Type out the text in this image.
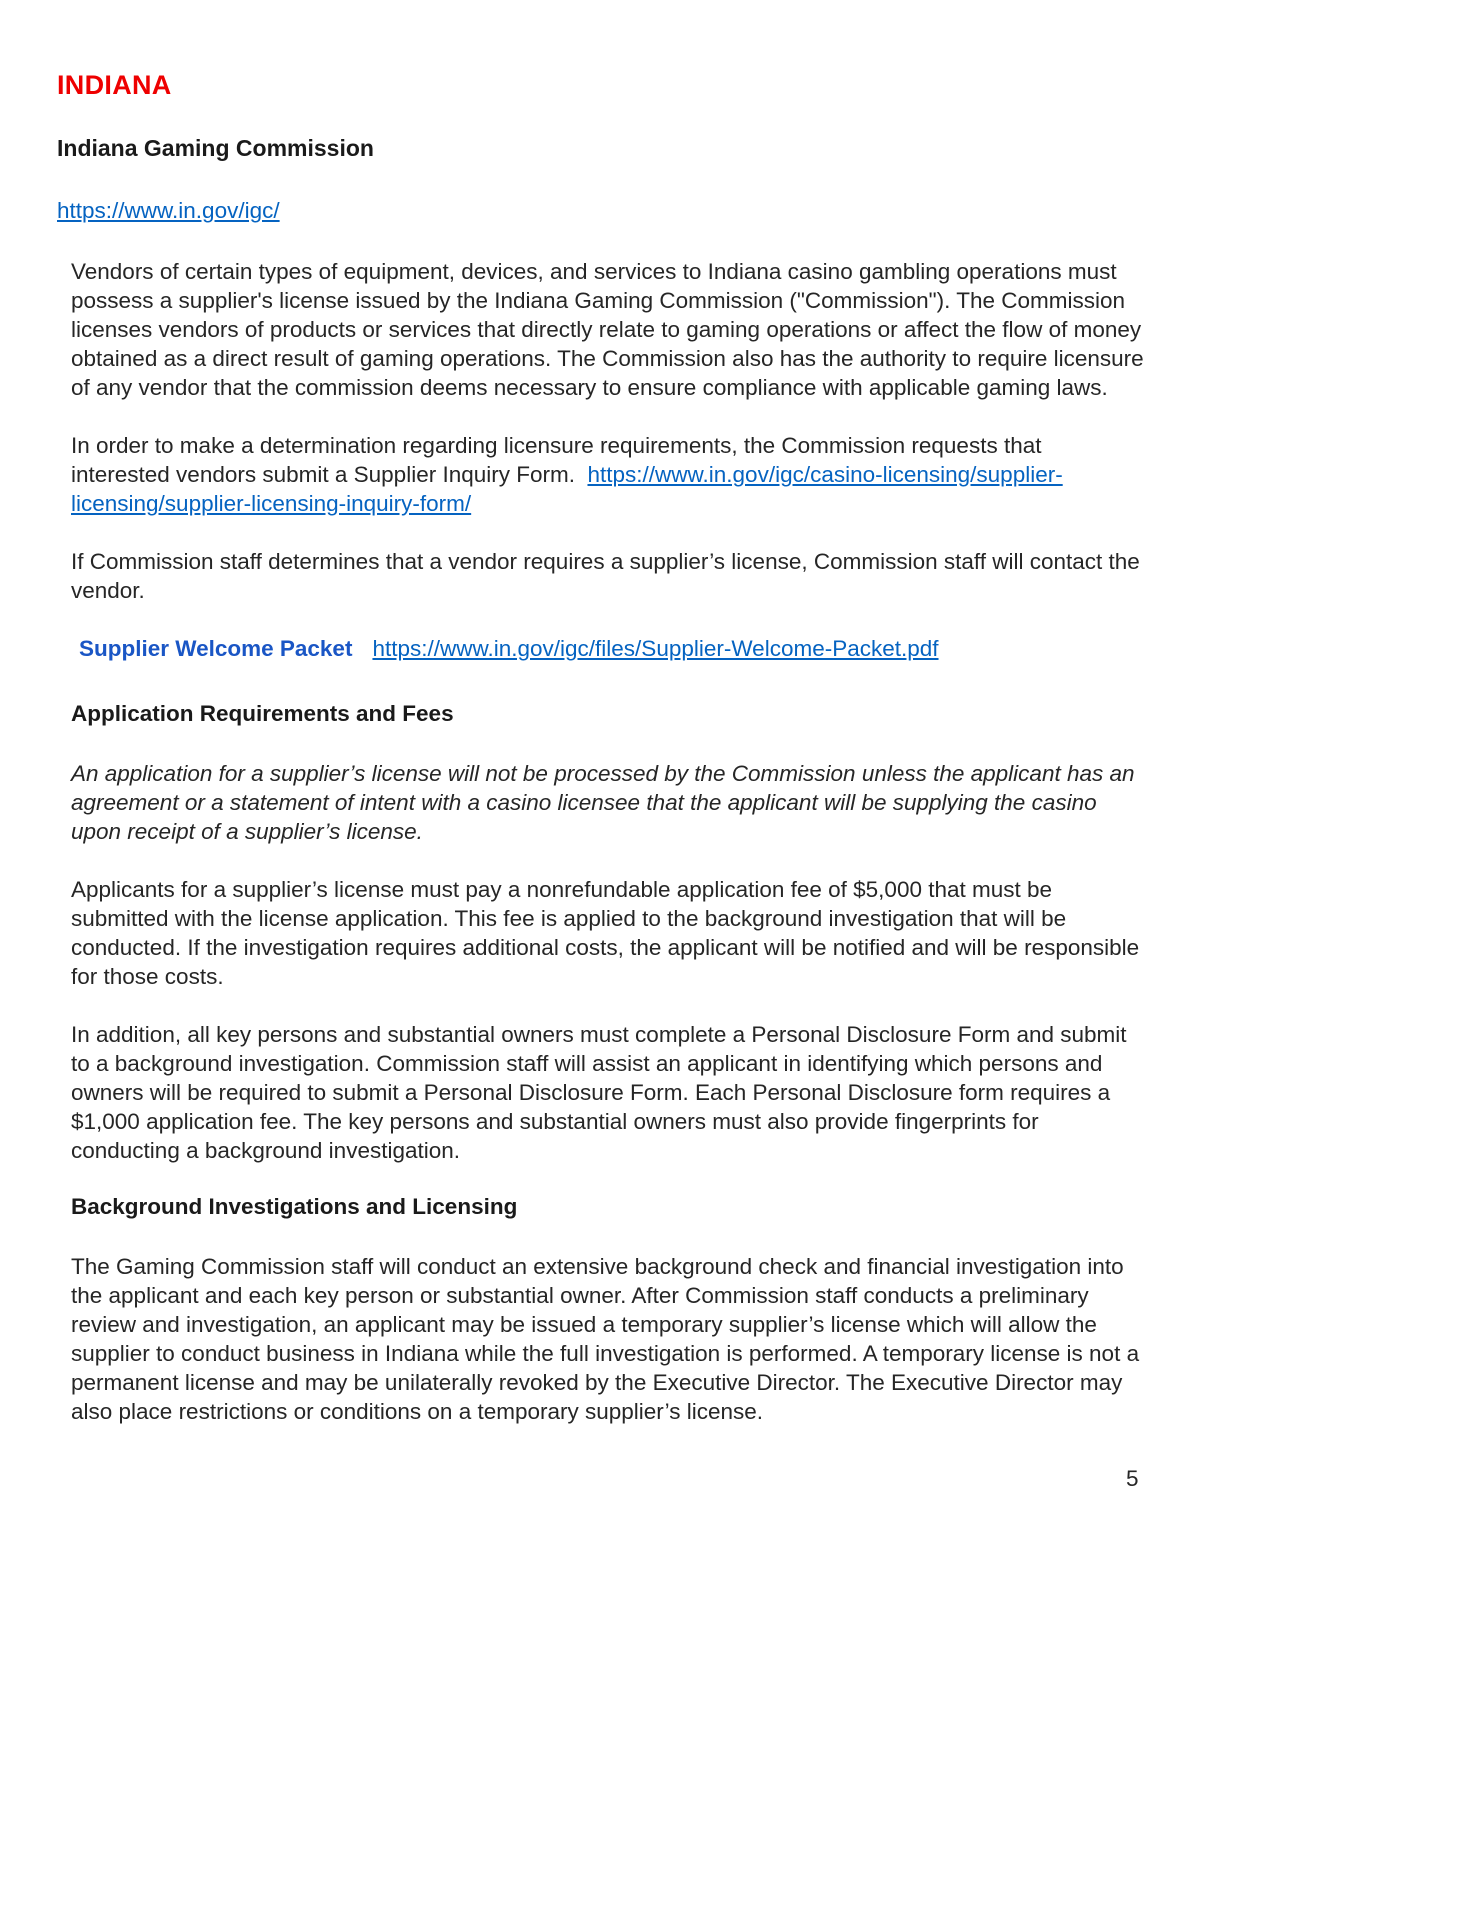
INDIANA
Indiana Gaming Commission
https://www.in.gov/igc/

Vendors of certain types of equipment, devices, and services to Indiana casino gambling operations must possess a supplier's license issued by the Indiana Gaming Commission ("Commission"). The Commission licenses vendors of products or services that directly relate to gaming operations or affect the flow of money obtained as a direct result of gaming operations. The Commission also has the authority to require licensure of any vendor that the commission deems necessary to ensure compliance with applicable gaming laws.

In order to make a determination regarding licensure requirements, the Commission requests that interested vendors submit a Supplier Inquiry Form.  https://www.in.gov/igc/casino-licensing/supplier-licensing/supplier-licensing-inquiry-form/

If Commission staff determines that a vendor requires a supplier’s license, Commission staff will contact the vendor.

Supplier Welcome Packet https://www.in.gov/igc/files/Supplier-Welcome-Packet.pdf
Application Requirements and Fees

An application for a supplier’s license will not be processed by the Commission unless the applicant has an agreement or a statement of intent with a casino licensee that the applicant will be supplying the casino upon receipt of a supplier’s license.

Applicants for a supplier’s license must pay a nonrefundable application fee of $5,000 that must be submitted with the license application. This fee is applied to the background investigation that will be conducted. If the investigation requires additional costs, the applicant will be notified and will be responsible for those costs.

In addition, all key persons and substantial owners must complete a Personal Disclosure Form and submit to a background investigation. Commission staff will assist an applicant in identifying which persons and owners will be required to submit a Personal Disclosure Form. Each Personal Disclosure form requires a $1,000 application fee. The key persons and substantial owners must also provide fingerprints for conducting a background investigation.

Background Investigations and Licensing

The Gaming Commission staff will conduct an extensive background check and financial investigation into the applicant and each key person or substantial owner. After Commission staff conducts a preliminary review and investigation, an applicant may be issued a temporary supplier’s license which will allow the supplier to conduct business in Indiana while the full investigation is performed. A temporary license is not a permanent license and may be unilaterally revoked by the Executive Director. The Executive Director may also place restrictions or conditions on a temporary supplier’s license.

5
